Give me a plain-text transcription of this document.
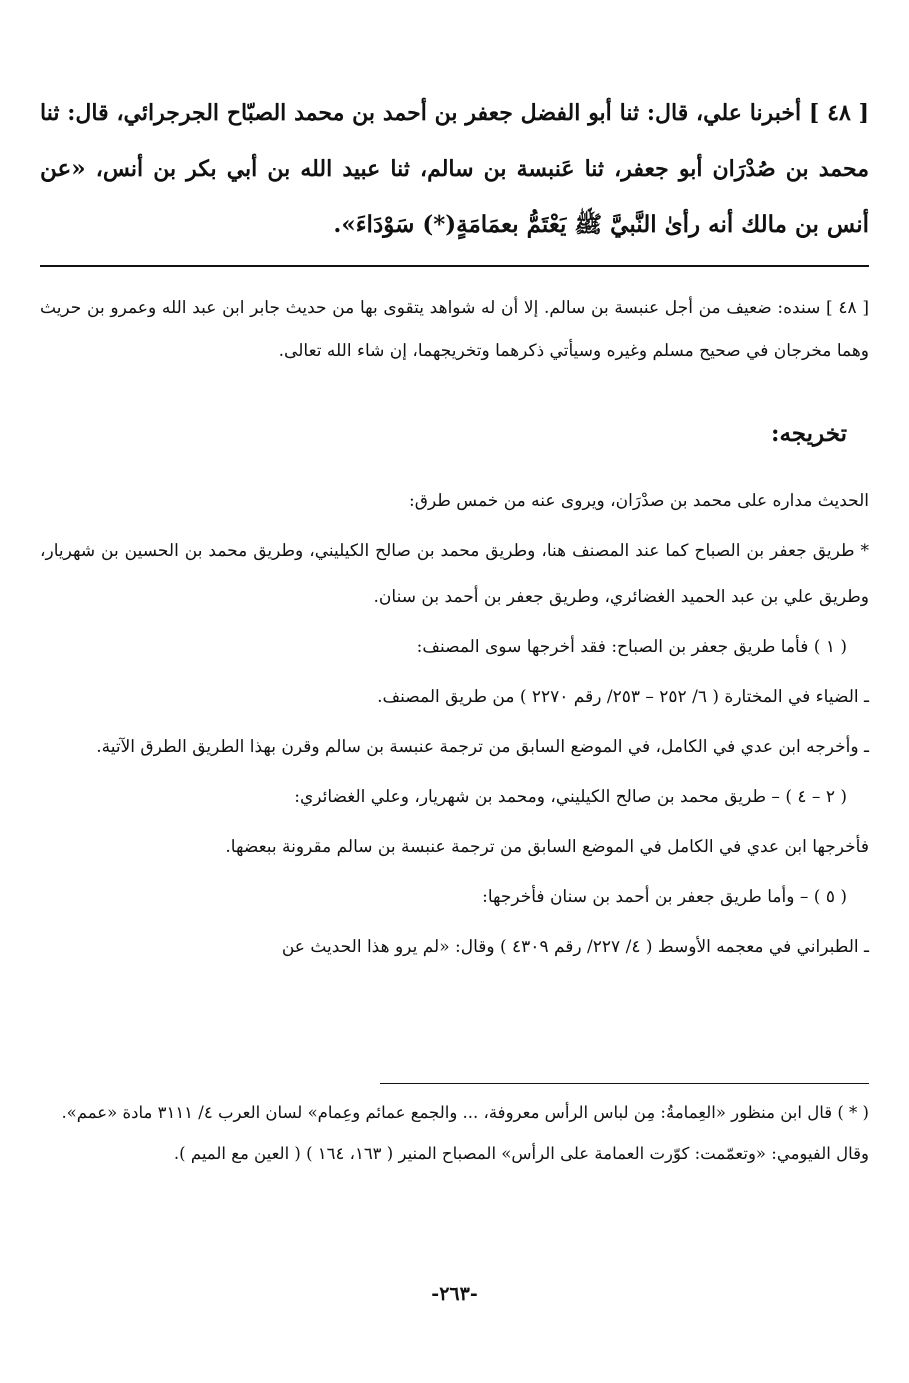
[ ٤٨ ] أخبرنا علي، قال: ثنا أبو الفضل جعفر بن أحمد بن محمد الصبّاح الجرجرائي، قال: ثنا محمد بن صُدْرَان أبو جعفر، ثنا عَنبسة بن سالم، ثنا عبيد الله بن أبي بكر بن أنس، «عن أنس بن مالك أنه رأىٰ النَّبيَّ ﷺ يَعْتَمُّ بعمَامَةٍ(*) سَوْدَاءَ».

[ ٤٨ ] سنده: ضعيف من أجل عنبسة بن سالم. إلا أن له شواهد يتقوى بها من حديث جابر ابن عبد الله وعمرو بن حريث وهما مخرجان في صحيح مسلم وغيره وسيأتي ذكرهما وتخريجهما، إن شاء الله تعالى.

تخريجه:

الحديث مداره على محمد بن صدْرَان، ويروى عنه من خمس طرق:

* طريق جعفر بن الصباح كما عند المصنف هنا، وطريق محمد بن صالح الكيليني، وطريق محمد بن الحسين بن شهريار، وطريق علي بن عبد الحميد الغضائري، وطريق جعفر بن أحمد بن سنان.

( ١ ) فأما طريق جعفر بن الصباح: فقد أخرجها سوى المصنف:

ـ الضياء في المختارة ( ٦/ ٢٥٢ – ٢٥٣/ رقم ٢٢٧٠ ) من طريق المصنف.

ـ وأخرجه ابن عدي في الكامل، في الموضع السابق من ترجمة عنبسة بن سالم وقرن بهذا الطريق الطرق الآتية.

( ٢ – ٤ ) – طريق محمد بن صالح الكيليني، ومحمد بن شهريار، وعلي الغضائري:

فأخرجها ابن عدي في الكامل في الموضع السابق من ترجمة عنبسة بن سالم مقرونة ببعضها.

( ٥ ) – وأما طريق جعفر بن أحمد بن سنان فأخرجها:

ـ الطبراني في معجمه الأوسط ( ٤/ ٢٢٧/ رقم ٤٣٠٩ ) وقال: «لم يرو هذا الحديث عن

( * ) قال ابن منظور «العِمامةُ: مِن لباس الرأس معروفة، ... والجمع عمائم وعِمام» لسان العرب ٤/ ٣١١١ مادة «عمم».

وقال الفيومي: «وتعمّمت: كوّرت العمامة على الرأس» المصباح المنير ( ١٦٣، ١٦٤ ) ( العين مع الميم ).

-٢٦٣-
